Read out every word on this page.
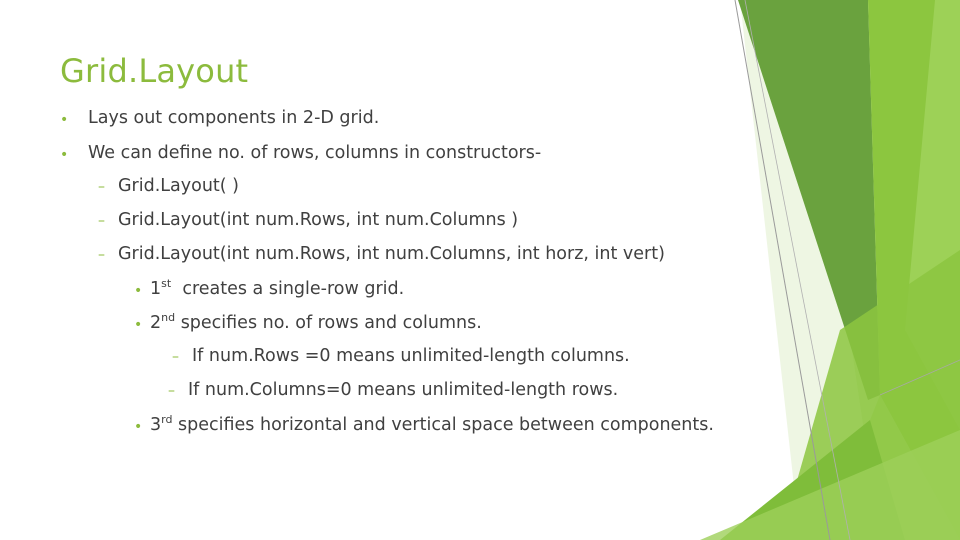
Grid.Layout
• Lays out components in 2-D grid.
• We can define no. of rows, columns in constructors-
– Grid.Layout( )
– Grid.Layout(int num.Rows, int num.Columns )
– Grid.Layout(int num.Rows, int num.Columns, int horz, int vert)
• 1st creates a single-row grid.
• 2nd specifies no. of rows and columns.
– If num.Rows =0 means unlimited-length columns.
– If num.Columns=0 means unlimited-length rows.
• 3rd specifies horizontal and vertical space between components.
